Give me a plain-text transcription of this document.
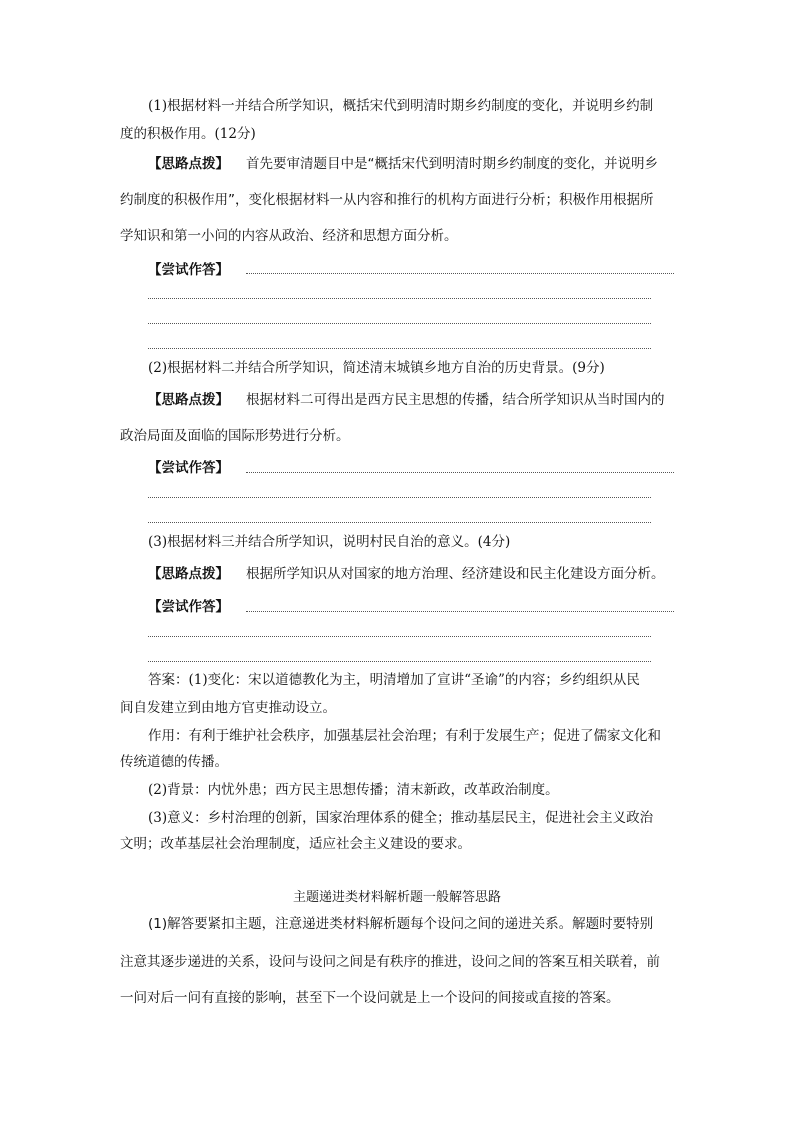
(1)根据材料一并结合所学知识，概括宋代到明清时期乡约制度的变化，并说明乡约制
度的积极作用。(12分)
【思路点拨】 首先要审清题目中是“概括宋代到明清时期乡约制度的变化，并说明乡
约制度的积极作用”，变化根据材料一从内容和推行的机构方面进行分析；积极作用根据所
学知识和第一小问的内容从政治、经济和思想方面分析。
【尝试作答】
(2)根据材料二并结合所学知识，简述清末城镇乡地方自治的历史背景。(9分)
【思路点拨】 根据材料二可得出是西方民主思想的传播，结合所学知识从当时国内的
政治局面及面临的国际形势进行分析。
【尝试作答】
(3)根据材料三并结合所学知识，说明村民自治的意义。(4分)
【思路点拨】 根据所学知识从对国家的地方治理、经济建设和民主化建设方面分析。
【尝试作答】
答案：(1)变化：宋以道德教化为主，明清增加了宣讲“圣谕”的内容；乡约组织从民
间自发建立到由地方官吏推动设立。
作用：有利于维护社会秩序，加强基层社会治理；有利于发展生产；促进了儒家文化和
传统道德的传播。
(2)背景：内忧外患；西方民主思想传播；清末新政，改革政治制度。
(3)意义：乡村治理的创新，国家治理体系的健全；推动基层民主，促进社会主义政治
文明；改革基层社会治理制度，适应社会主义建设的要求。
主题递进类材料解析题一般解答思路
(1)解答要紧扣主题，注意递进类材料解析题每个设问之间的递进关系。解题时要特别
注意其逐步递进的关系，设问与设问之间是有秩序的推进，设问之间的答案互相关联着，前
一问对后一问有直接的影响，甚至下一个设问就是上一个设问的间接或直接的答案。
